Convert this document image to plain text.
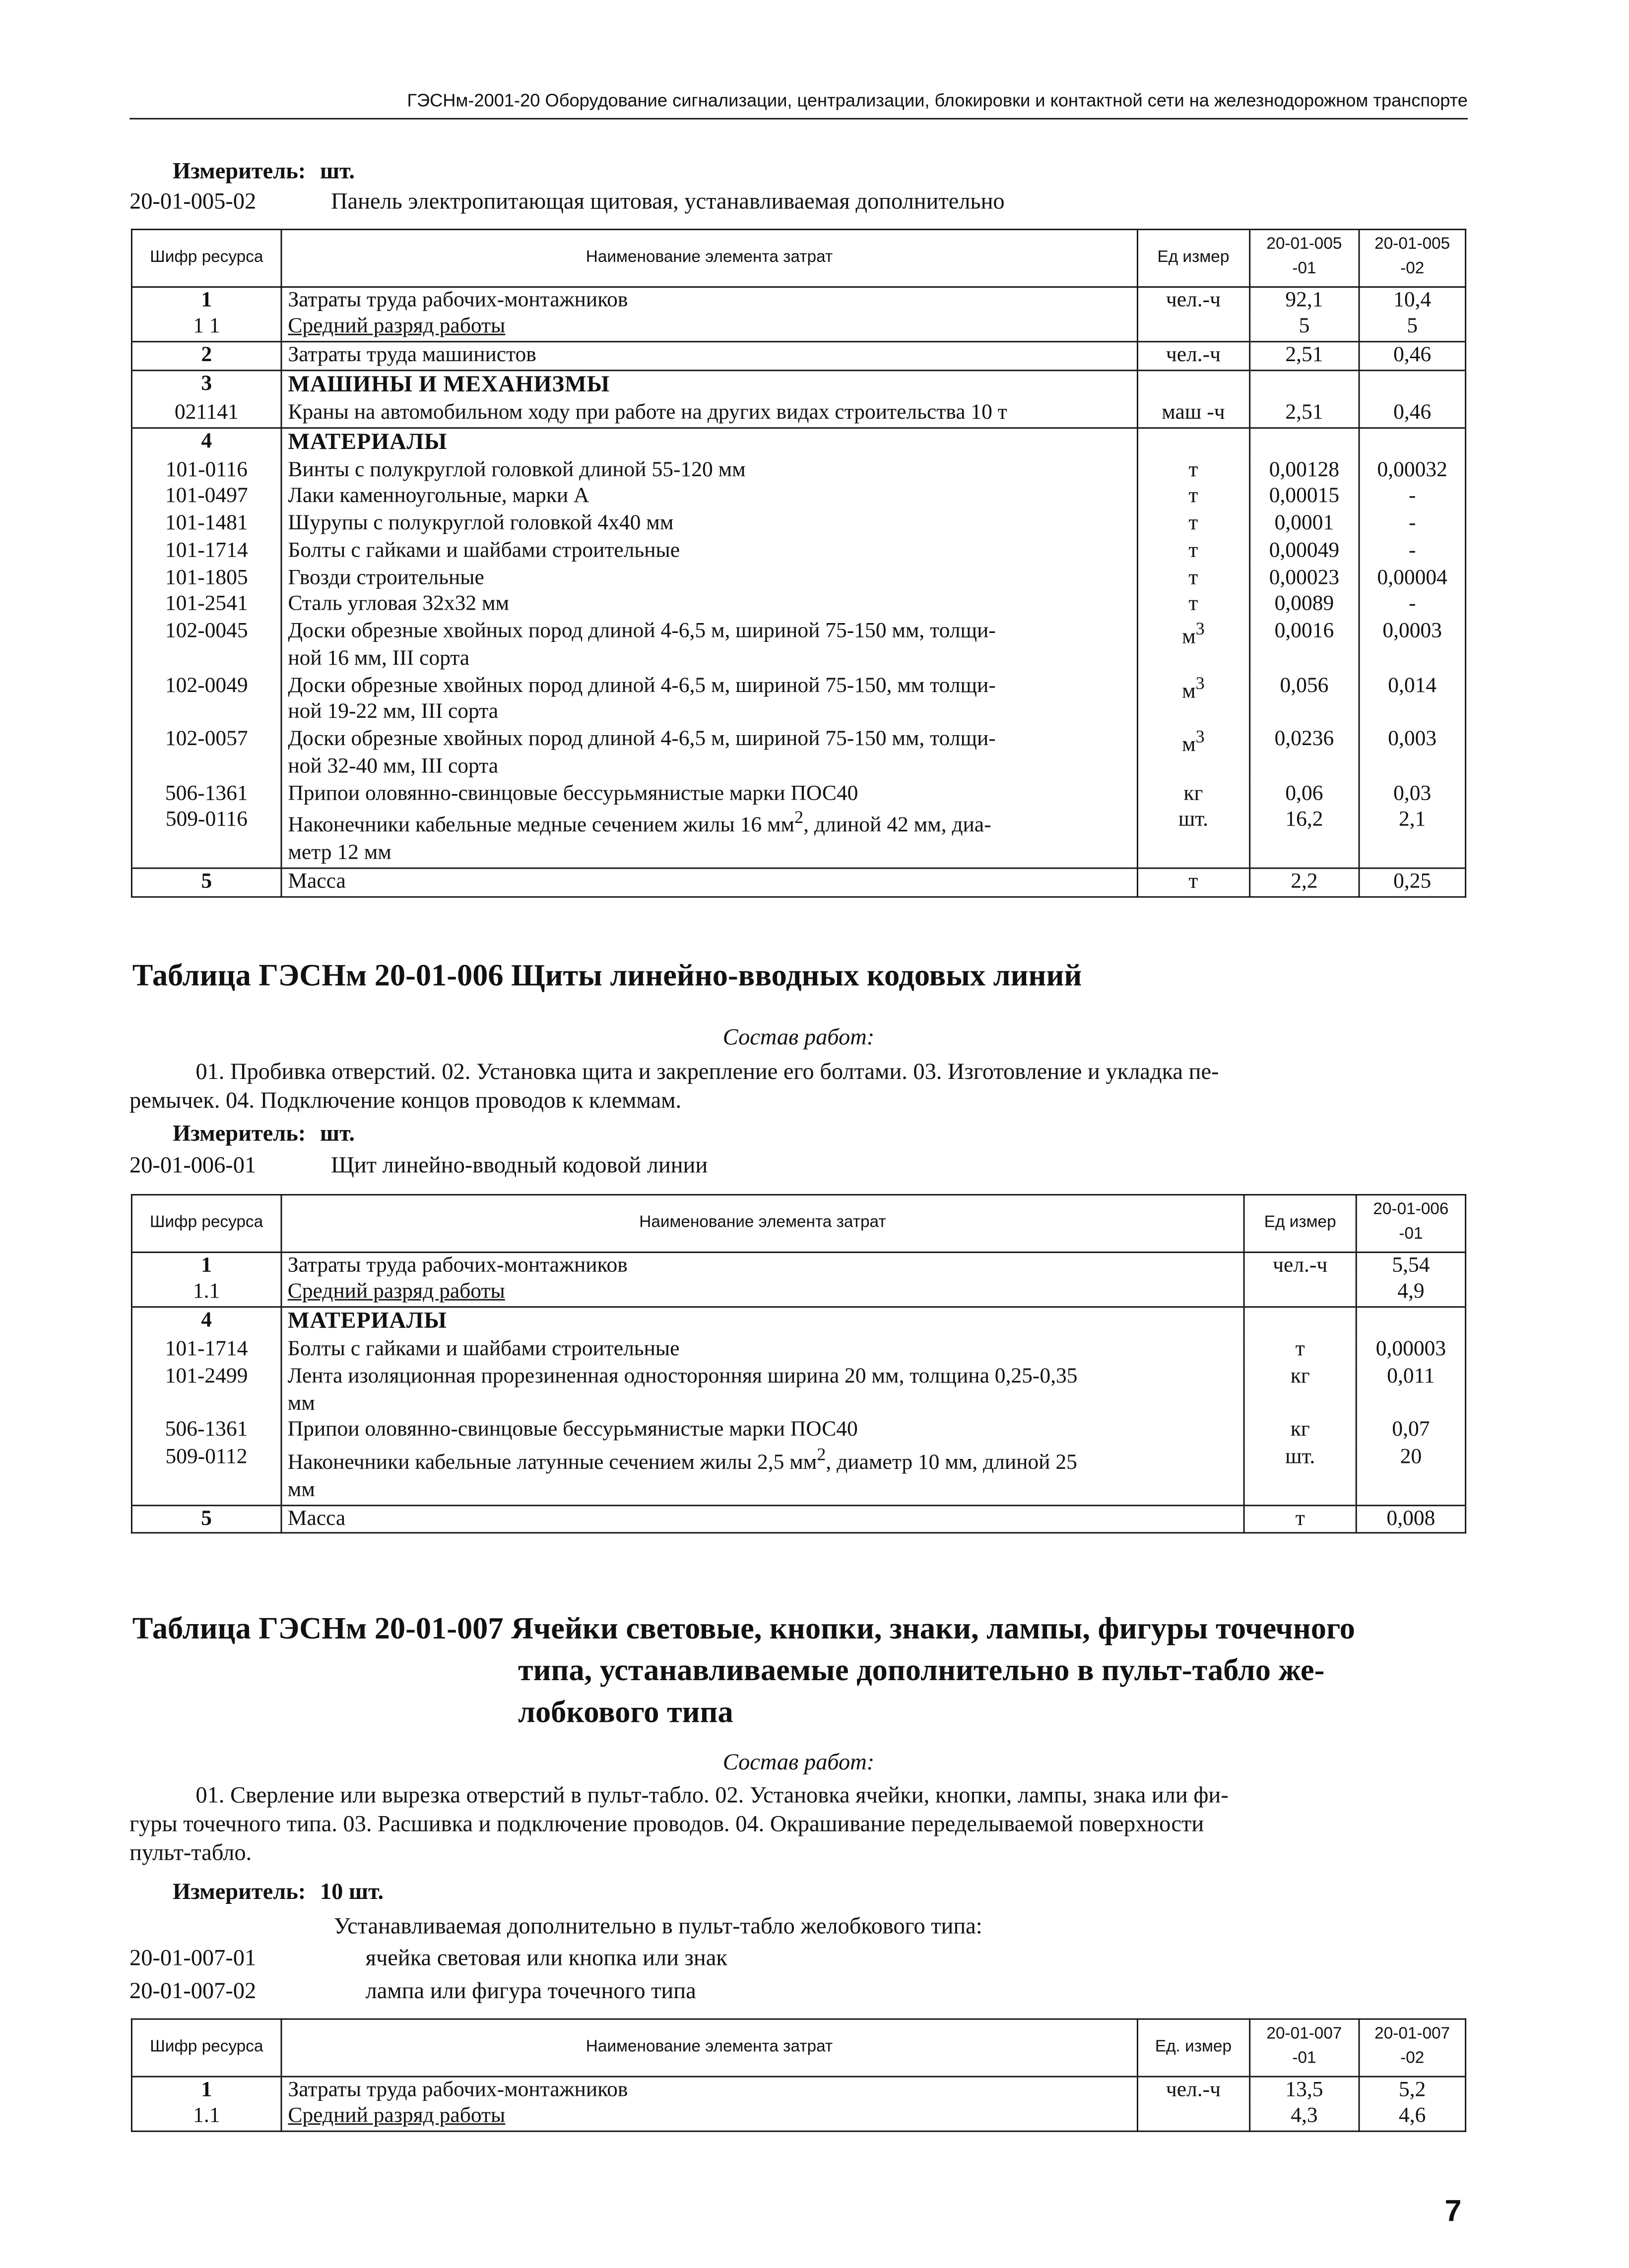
ГЭСНм-2001-20 Оборудование сигнализации, централизации, блокировки и контактной сети на железнодорожном транспорте
Измеритель: шт.
20-01-005-02	Панель электропитающая щитовая, устанавливаемая дополнительно
Шифр ресурса	Наименование элемента затрат	Ед измер	20-01-005-01	20-01-005-02
1	Затраты труда рабочих-монтажников	чел.-ч	92,1	10,4
1 1	Средний разряд работы		5	5
2	Затраты труда машинистов	чел.-ч	2,51	0,46
3	МАШИНЫ И МЕХАНИЗМЫ			
021141	Краны на автомобильном ходу при работе на других видах строительства 10 т	маш -ч	2,51	0,46
4	МАТЕРИАЛЫ			
101-0116	Винты с полукруглой головкой длиной 55-120 мм	т	0,00128	0,00032
101-0497	Лаки каменноугольные, марки А	т	0,00015	-
101-1481	Шурупы с полукруглой головкой 4x40 мм	т	0,0001	-
101-1714	Болты с гайками и шайбами строительные	т	0,00049	-
101-1805	Гвозди строительные	т	0,00023	0,00004
101-2541	Сталь угловая 32x32 мм	т	0,0089	-
102-0045	Доски обрезные хвойных пород длиной 4-6,5 м, шириной 75-150 мм, толщи-
ной 16 мм, III сорта	$м^3$	0,0016	0,0003
102-0049	Доски обрезные хвойных пород длиной 4-6,5 м, шириной 75-150, мм толщи-
ной 19-22 мм, III сорта	$м^3$	0,056	0,014
102-0057	Доски обрезные хвойных пород длиной 4-6,5 м, шириной 75-150 мм, толщи-
ной 32-40 мм, III сорта	$м^3$	0,0236	0,003
506-1361	Припои оловянно-свинцовые бессурьмянистые марки ПОС40	кг	0,06	0,03
509-0116	Наконечники кабельные медные сечением жилы 16 $мм^2$, длиной 42 мм, диа-
метр 12 мм	шт.	16,2	2,1
5	Масса	т	2,2	0,25
Таблица ГЭСНм 20-01-006 Щиты линейно-вводных кодовых линий
Состав работ:
01. Пробивка отверстий. 02. Установка щита и закрепление его болтами. 03. Изготовление и укладка пе-
ремычек. 04. Подключение концов проводов к клеммам.
Измеритель: шт.
20-01-006-01	Щит линейно-вводный кодовой линии
Шифр ресурса	Наименование элемента затрат	Ед измер	20-01-006-01
1	Затраты труда рабочих-монтажников	чел.-ч	5,54
1.1	Средний разряд работы		4,9
4	МАТЕРИАЛЫ		
101-1714	Болты с гайками и шайбами строительные	т	0,00003
101-2499	Лента изоляционная прорезиненная односторонняя ширина 20 мм, толщина 0,25-0,35
мм	кг	0,011
506-1361	Припои оловянно-свинцовые бессурьмянистые марки ПОС40	кг	0,07
509-0112	Наконечники кабельные латунные сечением жилы 2,5 $мм^2$, диаметр 10 мм, длиной 25
мм	шт.	20
5	Масса	т	0,008
Таблица ГЭСНм 20-01-007 Ячейки световые, кнопки, знаки, лампы, фигуры точечного
типа, устанавливаемые дополнительно в пульт-табло же-
лобкового типа
Состав работ:
01. Сверление или вырезка отверстий в пульт-табло. 02. Установка ячейки, кнопки, лампы, знака или фи-
гуры точечного типа. 03. Расшивка и подключение проводов. 04. Окрашивание переделываемой поверхности
пульт-табло.
Измеритель: 10 шт.
Устанавливаемая дополнительно в пульт-табло желобкового типа:
20-01-007-01	ячейка световая или кнопка или знак
20-01-007-02	лампа или фигура точечного типа
Шифр ресурса	Наименование элемента затрат	Ед. измер	20-01-007-01	20-01-007-02
1	Затраты труда рабочих-монтажников	чел.-ч	13,5	5,2
1.1	Средний разряд работы		4,3	4,6
7
